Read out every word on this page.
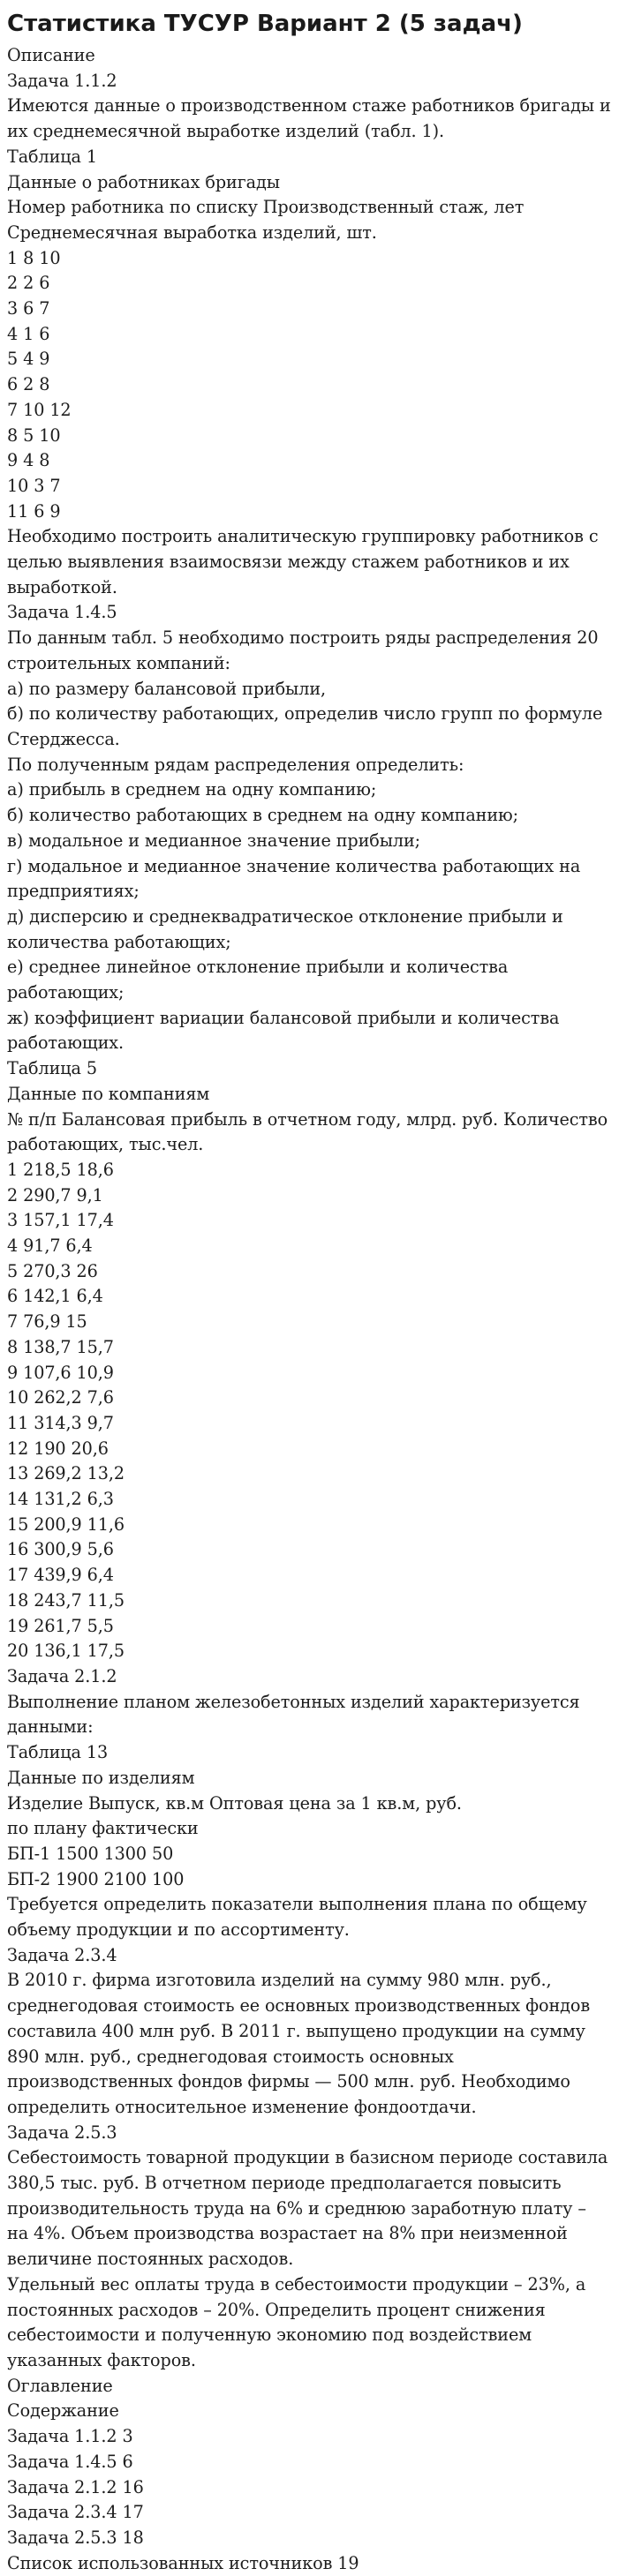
Статистика ТУСУР Вариант 2 (5 задач)

Описание

Задача 1.1.2

Имеются данные о производственном стаже работников бригады и их среднемесячной выработке изделий (табл. 1).

Таблица 1

Данные о работниках бригады

Номер работника по списку Производственный стаж, лет Среднемесячная выработка изделий, шт.

1 8 10

2 2 6

3 6 7

4 1 6

5 4 9

6 2 8

7 10 12

8 5 10

9 4 8

10 3 7

11 6 9

Необходимо построить аналитическую группировку работников с целью выявления взаимосвязи между стажем работников и их выработкой.

Задача 1.4.5

По данным табл. 5 необходимо построить ряды распределения 20 строительных компаний:

а) по размеру балансовой прибыли,

б) по количеству работающих, определив число групп по формуле Стерджесса.

По полученным рядам распределения определить:

а) прибыль в среднем на одну компанию;

б) количество работающих в среднем на одну компанию;

в) модальное и медианное значение прибыли;

г) модальное и медианное значение количества работающих на предприятиях;

д) дисперсию и среднеквадратическое отклонение прибыли и количества работающих;

е) среднее линейное отклонение прибыли и количества работающих;

ж) коэффициент вариации балансовой прибыли и количества работающих.

Таблица 5

Данные по компаниям

№ п/п Балансовая прибыль в отчетном году, млрд. руб. Количество работающих, тыс.чел.

1 218,5 18,6

2 290,7 9,1

3 157,1 17,4

4 91,7 6,4

5 270,3 26

6 142,1 6,4

7 76,9 15

8 138,7 15,7

9 107,6 10,9

10 262,2 7,6

11 314,3 9,7

12 190 20,6

13 269,2 13,2

14 131,2 6,3

15 200,9 11,6

16 300,9 5,6

17 439,9 6,4

18 243,7 11,5

19 261,7 5,5

20 136,1 17,5

Задача 2.1.2

Выполнение планом железобетонных изделий характеризуется данными:

Таблица 13

Данные по изделиям

Изделие Выпуск, кв.м Оптовая цена за 1 кв.м, руб.

по плану фактически

БП-1 1500 1300 50

БП-2 1900 2100 100

Требуется определить показатели выполнения плана по общему объему продукции и по ассортименту.

Задача 2.3.4

В 2010 г. фирма изготовила изделий на сумму 980 млн. руб., среднегодовая стоимость ее основных производственных фондов составила 400 млн руб. В 2011 г. выпущено продукции на сумму 890 млн. руб., среднегодовая стоимость основных производственных фондов фирмы — 500 млн. руб. Необходимо определить относительное изменение фондоотдачи.

Задача 2.5.3

Себестоимость товарной продукции в базисном периоде составила 380,5 тыс. руб. В отчетном периоде предполагается повысить производительность труда на 6% и среднюю заработную плату – на 4%. Объем производства возрастает на 8% при неизменной величине постоянных расходов.

Удельный вес оплаты труда в себестоимости продукции – 23%, а постоянных расходов – 20%. Определить процент снижения себестоимости и полученную экономию под воздействием указанных факторов.

Оглавление

Содержание

Задача 1.1.2 3

Задача 1.4.5 6

Задача 2.1.2 16

Задача 2.3.4 17

Задача 2.5.3 18

Список использованных источников 19
